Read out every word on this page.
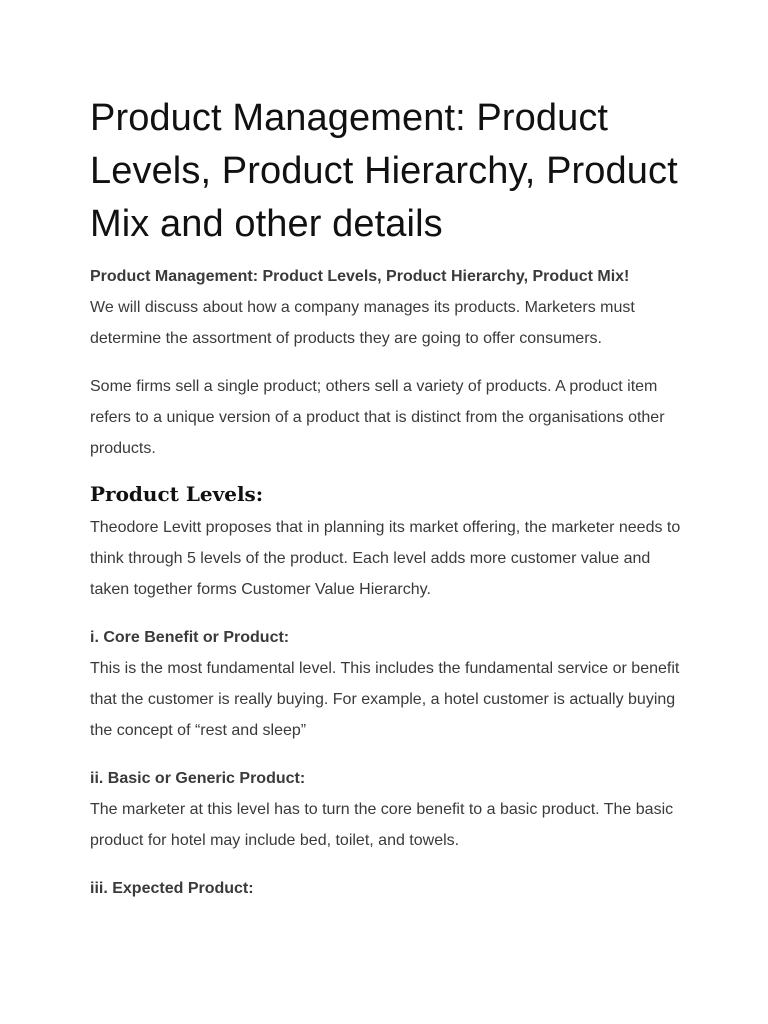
Product Management: Product Levels, Product Hierarchy, Product Mix and other details

Product Management: Product Levels, Product Hierarchy, Product Mix!
We will discuss about how a company manages its products. Marketers must determine the assortment of products they are going to offer consumers.

Some firms sell a single product; others sell a variety of products. A product item refers to a unique version of a product that is distinct from the organisations other products.

Product Levels:

Theodore Levitt proposes that in planning its market offering, the marketer needs to think through 5 levels of the product. Each level adds more customer value and taken together forms Customer Value Hierarchy.

i. Core Benefit or Product:

This is the most fundamental level. This includes the fundamental service or benefit that the customer is really buying. For example, a hotel customer is actually buying the concept of “rest and sleep”

ii. Basic or Generic Product:

The marketer at this level has to turn the core benefit to a basic product. The basic product for hotel may include bed, toilet, and towels.

iii. Expected Product:
